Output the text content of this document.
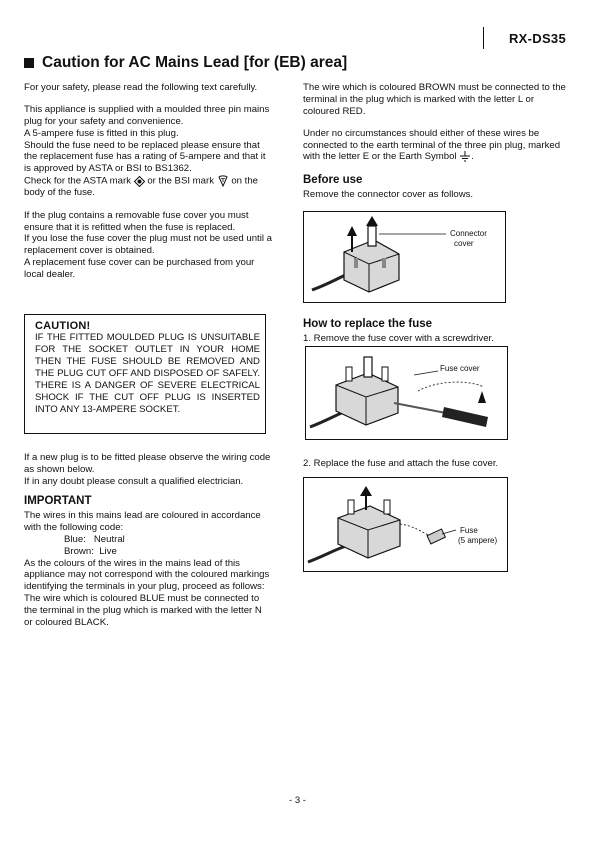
RX-DS35
Caution for AC Mains Lead [for (EB) area]

For your safety, please read the following text carefully.

This appliance is supplied with a moulded three pin mains plug for your safety and convenience.

A 5-ampere fuse is fitted in this plug.

Should the fuse need to be replaced please ensure that the replacement fuse has a rating of 5-ampere and that it is approved by ASTA or BSI to BS1362.

Check for the ASTA mark or the BSI mark on the body of the fuse.

If the plug contains a removable fuse cover you must ensure that it is refitted when the fuse is replaced.

If you lose the fuse cover the plug must not be used until a replacement cover is obtained.

A replacement fuse cover can be purchased from your local dealer.

CAUTION!
IF THE FITTED MOULDED PLUG IS UNSUITABLE FOR THE SOCKET OUTLET IN YOUR HOME THEN THE FUSE SHOULD BE REMOVED AND THE PLUG CUT OFF AND DISPOSED OF SAFELY. THERE IS A DANGER OF SEVERE ELECTRICAL SHOCK IF THE CUT OFF PLUG IS INSERTED INTO ANY 13-AMPERE SOCKET.

If a new plug is to be fitted please observe the wiring code as shown below.

If in any doubt please consult a qualified electrician.

IMPORTANT

The wires in this mains lead are coloured in accordance with the following code:

Blue:   Neutral

Brown:  Live

As the colours of the wires in the mains lead of this appliance may not correspond with the coloured markings identifying the terminals in your plug, proceed as follows:

The wire which is coloured BLUE must be connected to the terminal in the plug which is marked with the letter N or coloured BLACK.

The wire which is coloured BROWN must be connected to the terminal in the plug which is marked with the letter L or coloured RED.

Under no circumstances should either of these wires be connected to the earth terminal of the three pin plug, marked with the letter E or the Earth Symbol .

Before use

Remove the connector cover as follows.

Connector
cover
How to replace the fuse

1. Remove the fuse cover with a screwdriver.

Fuse cover

2. Replace the fuse and attach the fuse cover.

Fuse
(5 ampere)
- 3 -
